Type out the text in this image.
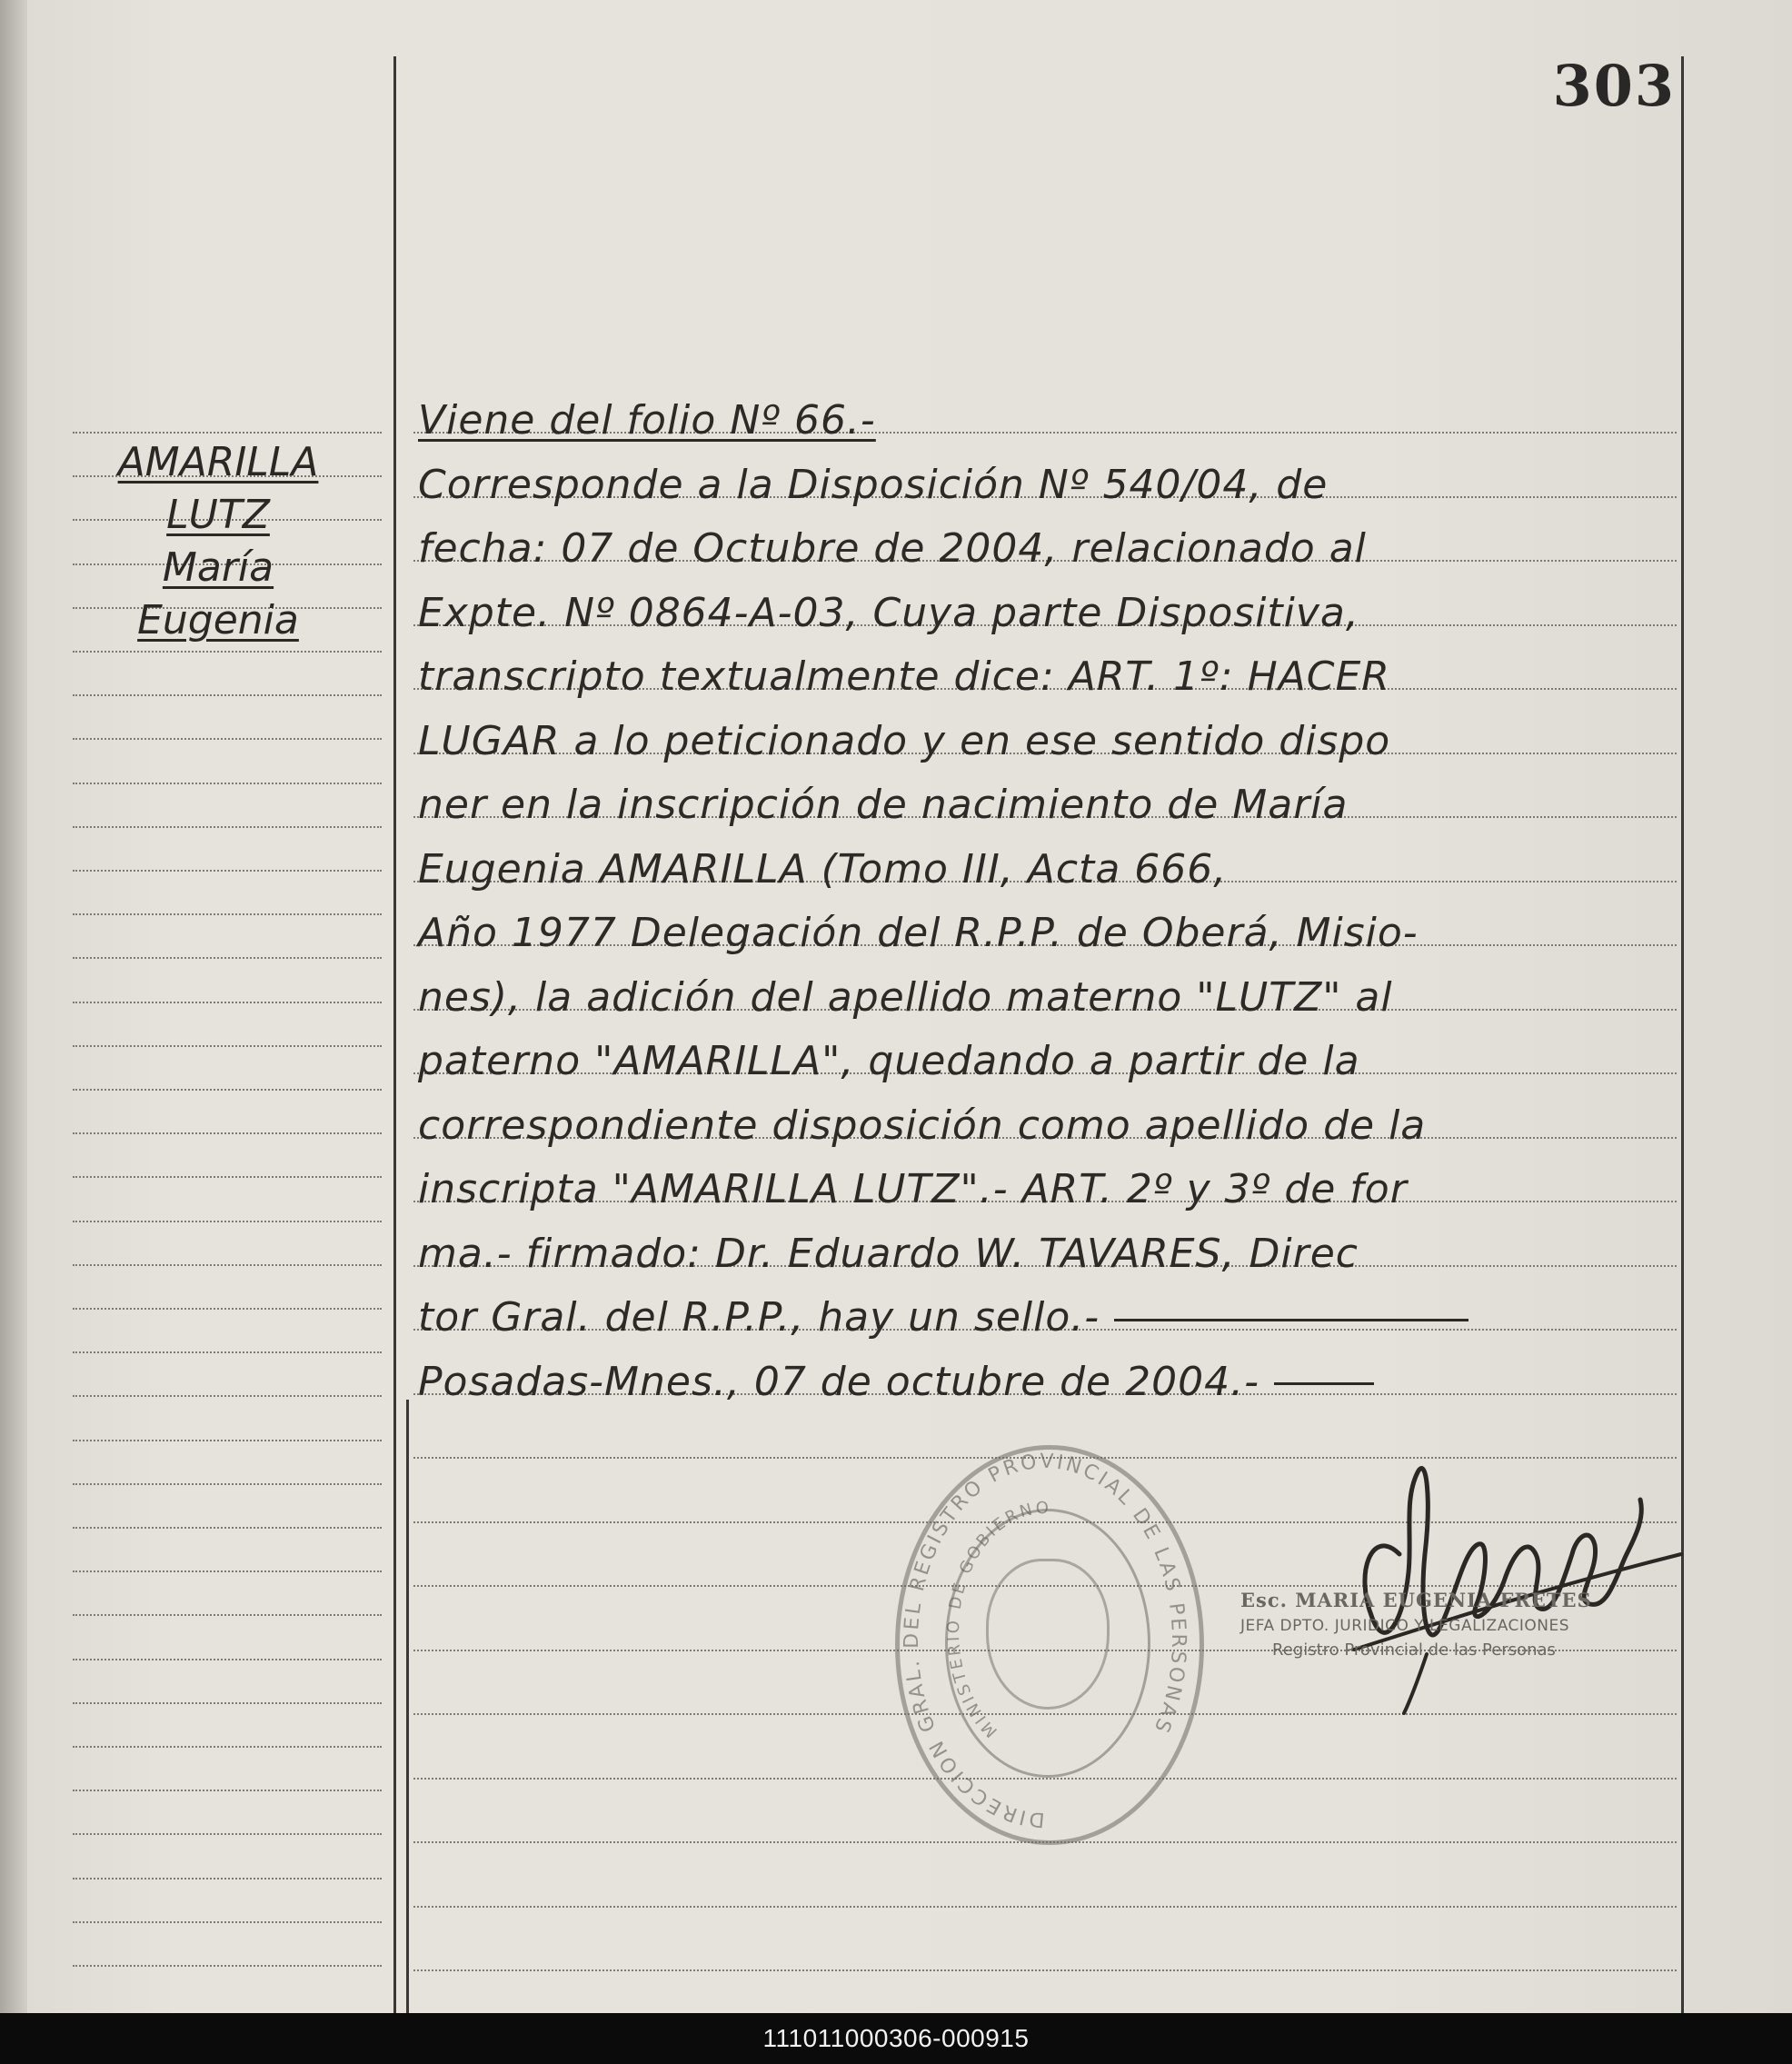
303
AMARILLA
LUTZ
María
Eugenia
Viene del folio Nº 66.-
Corresponde a la Disposición Nº 540/04, de
fecha: 07 de Octubre de 2004, relacionado al
Expte. Nº 0864-A-03, Cuya parte Dispositiva,
transcripto textualmente dice: ART. 1º: HACER
LUGAR a lo peticionado y en ese sentido dispo
ner en la inscripción de nacimiento de María
Eugenia AMARILLA (Tomo III, Acta 666,
Año 1977 Delegación del R.P.P. de Oberá, Misio-
nes), la adición del apellido materno "LUTZ" al
paterno "AMARILLA", quedando a partir de la
correspondiente disposición como apellido de la
inscripta "AMARILLA LUTZ".- ART. 2º y 3º de for
ma.- firmado: Dr. Eduardo W. TAVARES, Direc
tor Gral. del R.P.P., hay un sello.-
Posadas-Mnes., 07 de octubre de 2004.-
DIRECCION GRAL. DEL REGISTRO PROVINCIAL DE LAS PERSONAS
MINISTERIO DE GOBIERNO
Esc. MARIA EUGENIA FRETES
JEFA DPTO. JURIDICO Y LEGALIZACIONES
Registro Provincial de las Personas
111011000306-000915
